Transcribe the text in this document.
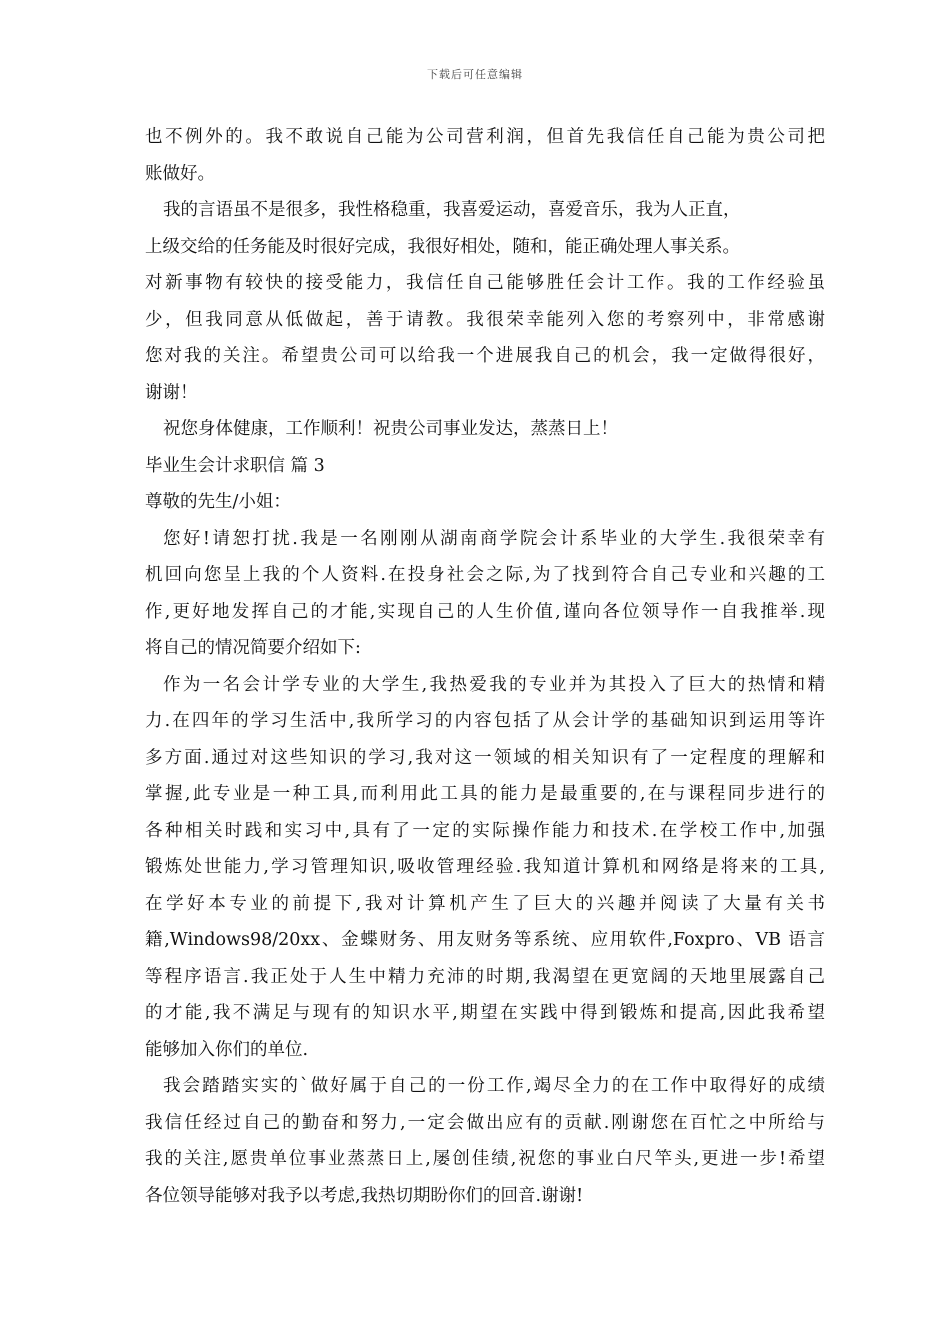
下载后可任意编辑
也不例外的。我不敢说自己能为公司营利润，但首先我信任自己能为贵公司把
账做好。
我的言语虽不是很多，我性格稳重，我喜爱运动，喜爱音乐，我为人正直，
上级交给的任务能及时很好完成，我很好相处，随和，能正确处理人事关系。
对新事物有较快的接受能力，我信任自己能够胜任会计工作。我的工作经验虽
少，但我同意从低做起，善于请教。我很荣幸能列入您的考察列中，非常感谢
您对我的关注。希望贵公司可以给我一个进展我自己的机会，我一定做得很好，
谢谢！
祝您身体健康，工作顺利！祝贵公司事业发达，蒸蒸日上！
毕业生会计求职信 篇 3
尊敬的先生/小姐：
您好!请恕打扰.我是一名刚刚从湖南商学院会计系毕业的大学生.我很荣幸有
机回向您呈上我的个人资料.在投身社会之际,为了找到符合自己专业和兴趣的工
作,更好地发挥自己的才能,实现自己的人生价值,谨向各位领导作一自我推举.现
将自己的情况简要介绍如下:
作为一名会计学专业的大学生,我热爱我的专业并为其投入了巨大的热情和精
力.在四年的学习生活中,我所学习的内容包括了从会计学的基础知识到运用等许
多方面.通过对这些知识的学习,我对这一领域的相关知识有了一定程度的理解和
掌握,此专业是一种工具,而利用此工具的能力是最重要的,在与课程同步进行的
各种相关时践和实习中,具有了一定的实际操作能力和技术.在学校工作中,加强
锻炼处世能力,学习管理知识,吸收管理经验.我知道计算机和网络是将来的工具,
在学好本专业的前提下,我对计算机产生了巨大的兴趣并阅读了大量有关书
籍,Windows98/20xx、金蝶财务、用友财务等系统、应用软件,Foxpro、VB 语言
等程序语言.我正处于人生中精力充沛的时期,我渴望在更宽阔的天地里展露自己
的才能,我不满足与现有的知识水平,期望在实践中得到锻炼和提高,因此我希望
能够加入你们的单位.
我会踏踏实实的`做好属于自己的一份工作,竭尽全力的在工作中取得好的成绩
我信任经过自己的勤奋和努力,一定会做出应有的贡献.刚谢您在百忙之中所给与
我的关注,愿贵单位事业蒸蒸日上,屡创佳绩,祝您的事业白尺竿头,更进一步!希望
各位领导能够对我予以考虑,我热切期盼你们的回音.谢谢!
